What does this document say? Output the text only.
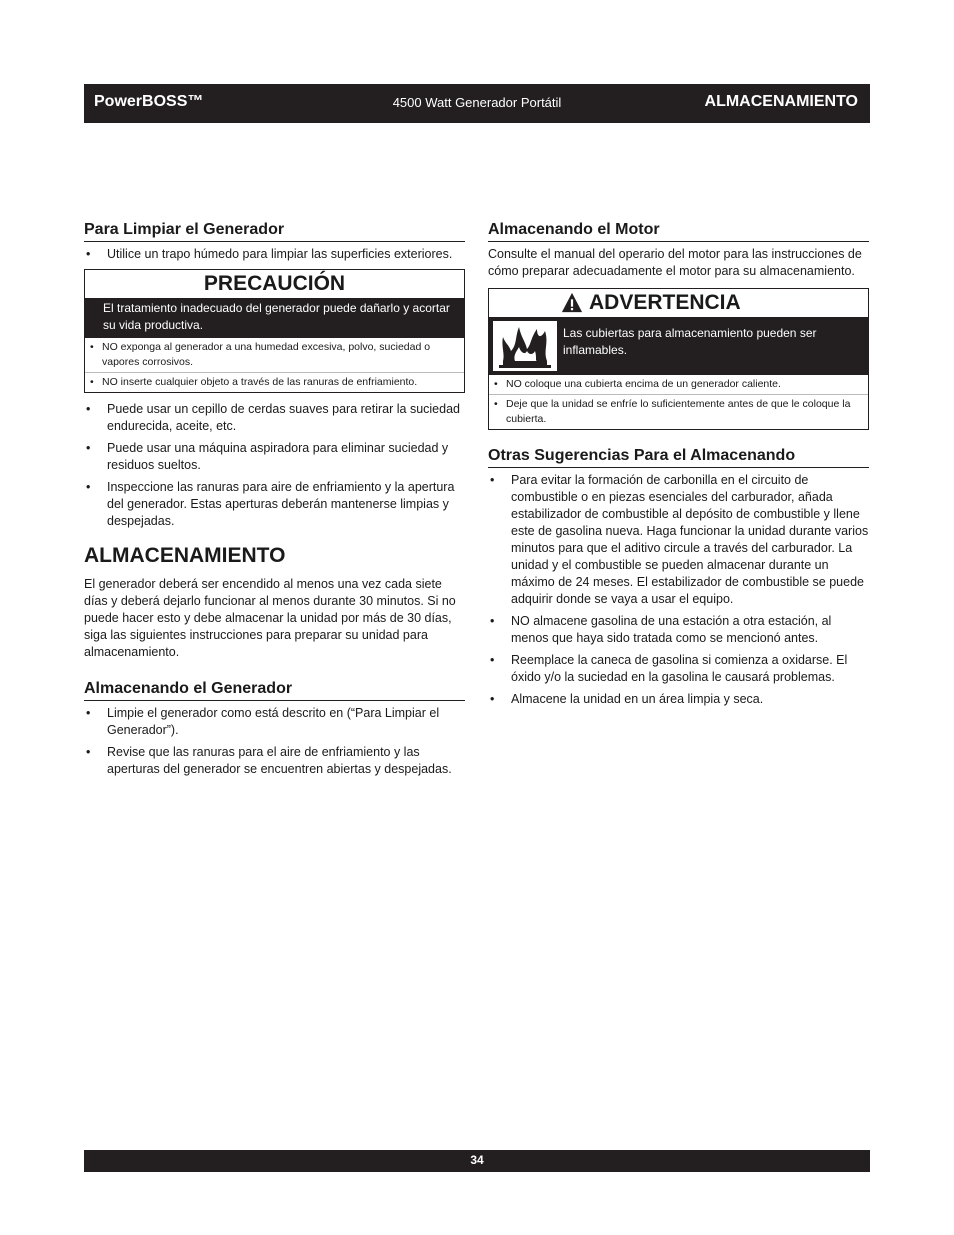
PowerBOSS™	4500 Watt Generador Portátil	ALMACENAMIENTO
Para Limpiar el Generador
• Utilice un trapo húmedo para limpiar las superficies exteriores.
PRECAUCIÓN
El tratamiento inadecuado del generador puede dañarlo y acortar su vida productiva.
• NO exponga al generador a una humedad excesiva, polvo, suciedad o vapores corrosivos.
• NO inserte cualquier objeto a través de las ranuras de enfriamiento.
• Puede usar un cepillo de cerdas suaves para retirar la suciedad endurecida, aceite, etc.
• Puede usar una máquina aspiradora para eliminar suciedad y residuos sueltos.
• Inspeccione las ranuras para aire de enfriamiento y la apertura del generador. Estas aperturas deberán mantenerse limpias y despejadas.
ALMACENAMIENTO

El generador deberá ser encendido al menos una vez cada siete días y deberá dejarlo funcionar al menos durante 30 minutos. Si no puede hacer esto y debe almacenar la unidad por más de 30 días, siga las siguientes instrucciones para preparar su unidad para almacenamiento.

Almacenando el Generador
• Limpie el generador como está descrito en (“Para Limpiar el Generador”).
• Revise que las ranuras para el aire de enfriamiento y las aperturas del generador se encuentren abiertas y despejadas.
Almacenando el Motor

Consulte el manual del operario del motor para las instrucciones de cómo preparar adecuadamente el motor para su almacenamiento.

ADVERTENCIA
Las cubiertas para almacenamiento pueden ser inflamables.
• NO coloque una cubierta encima de un generador caliente.
• Deje que la unidad se enfríe lo suficientemente antes de que le coloque la cubierta.
Otras Sugerencias Para el Almacenando
• Para evitar la formación de carbonilla en el circuito de combustible o en piezas esenciales del carburador, añada estabilizador de combustible al depósito de combustible y llene este de gasolina nueva. Haga funcionar la unidad durante varios minutos para que el aditivo circule a través del carburador. La unidad y el combustible se pueden almacenar durante un máximo de 24 meses. El estabilizador de combustible se puede adquirir donde se vaya a usar el equipo.
• NO almacene gasolina de una estación a otra estación, al menos que haya sido tratada como se mencionó antes.
• Reemplace la caneca de gasolina si comienza a oxidarse. El óxido y/o la suciedad en la gasolina le causará problemas.
• Almacene la unidad en un área limpia y seca.
34
